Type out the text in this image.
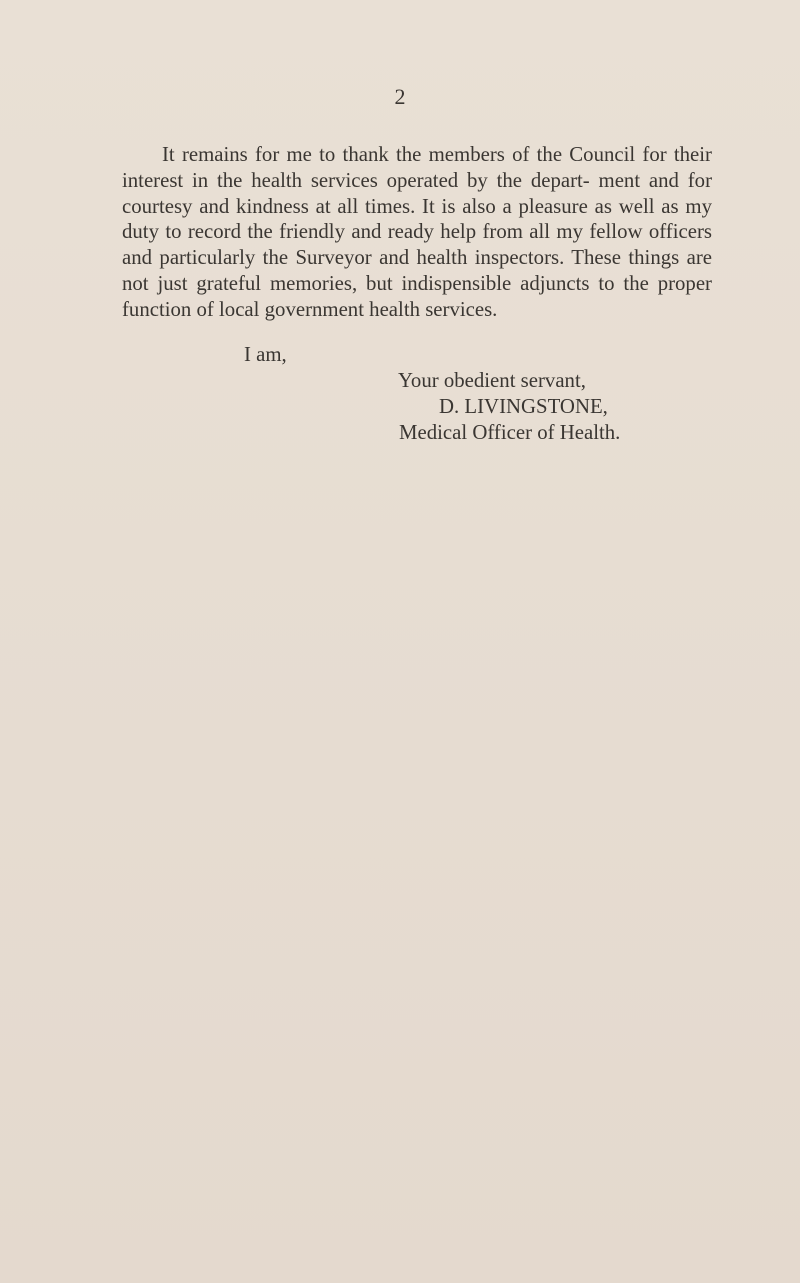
2

It remains for me to thank the members of the Council for their interest in the health services operated by the depart- ment and for courtesy and kindness at all times. It is also a pleasure as well as my duty to record the friendly and ready help from all my fellow officers and particularly the Surveyor and health inspectors. These things are not just grateful memories, but indispensible adjuncts to the proper function of local government health services.

I am,
Your obedient servant,
D. LIVINGSTONE,
Medical Officer of Health.
